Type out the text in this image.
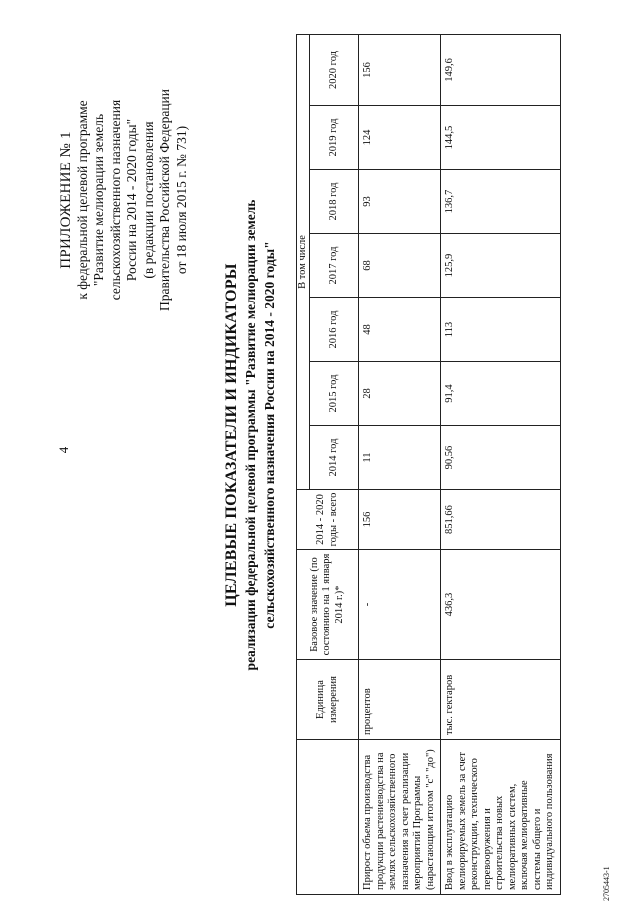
4
2705443-1
ПРИЛОЖЕНИЕ № 1 к федеральной целевой программе "Развитие мелиорации земель сельскохозяйственного назначения России на 2014 - 2020 годы" (в редакции постановления Правительства Российской Федерации от 18 июля 2015 г. № 731)
ЦЕЛЕВЫЕ ПОКАЗАТЕЛИ И ИНДИКАТОРЫ реализации федеральной целевой программы "Развитие мелиорации земель сельскохозяйственного назначения России на 2014 - 2020 годы"
	Единица измерения	Базовое значение (по состоянию на 1 января 2014 г.)*	2014 - 2020 годы - всего	В том числе						
				2014 год	2015 год	2016 год	2017 год	2018 год	2019 год	2020 год
Прирост объема производства продукции растениеводства на землях сельскохозяйственного назначения за счет реализации мероприятий Программы (нарастающим итогом "с" "до")	процентов	-	156	11	28	48	68	93	124	156
Ввод в эксплуатацию мелиорируемых земель за счет реконструкции, технического перевооружения и строительства новых мелиоративных систем, включая мелиоративные системы общего и индивидуального пользования	тыс. гектаров	436,3	851,66	90,56	91,4	113	125,9	136,7	144,5	149,6
